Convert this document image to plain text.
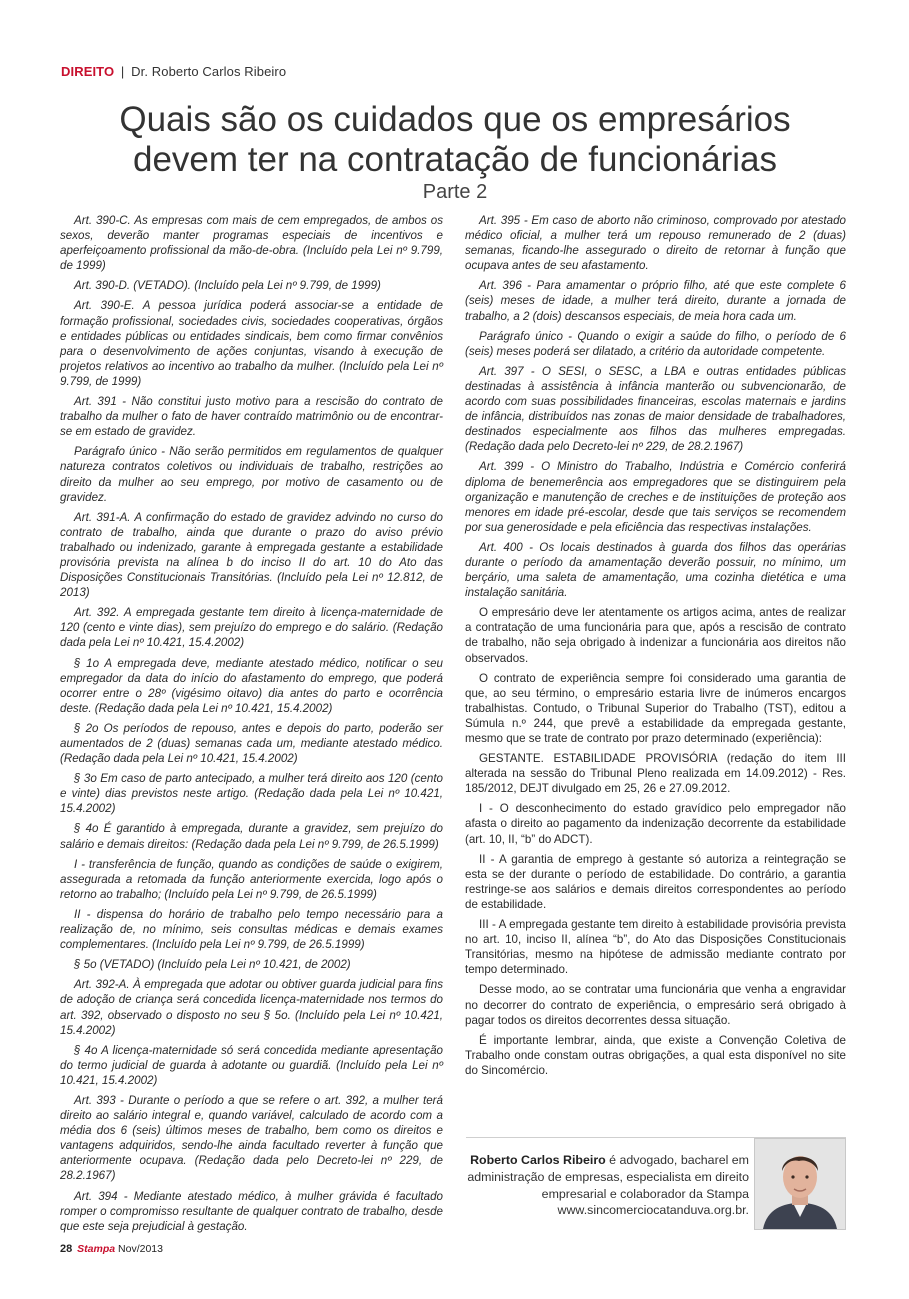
DIREITO | Dr. Roberto Carlos Ribeiro
Quais são os cuidados que os empresários
devem ter na contratação de funcionárias
Parte 2

Art. 390-C. As empresas com mais de cem empregados, de ambos os sexos, deverão manter programas especiais de incentivos e aperfeiçoamento profissional da mão-de-obra. (Incluído pela Lei nº 9.799, de 1999)

Art. 390-D. (VETADO). (Incluído pela Lei nº 9.799, de 1999)

Art. 390-E. A pessoa jurídica poderá associar-se a entidade de formação profissional, sociedades civis, sociedades cooperativas, órgãos e entidades públicas ou entidades sindicais, bem como firmar convênios para o desenvolvimento de ações conjuntas, visando à execução de projetos relativos ao incentivo ao trabalho da mulher. (Incluído pela Lei nº 9.799, de 1999)

Art. 391 - Não constitui justo motivo para a rescisão do contrato de trabalho da mulher o fato de haver contraído matrimônio ou de encontrar-se em estado de gravidez.

Parágrafo único - Não serão permitidos em regulamentos de qualquer natureza contratos coletivos ou individuais de trabalho, restrições ao direito da mulher ao seu emprego, por motivo de casamento ou de gravidez.

Art. 391-A. A confirmação do estado de gravidez advindo no curso do contrato de trabalho, ainda que durante o prazo do aviso prévio trabalhado ou indenizado, garante à empregada gestante a estabilidade provisória prevista na alínea b do inciso II do art. 10 do Ato das Disposições Constitucionais Transitórias. (Incluído pela Lei nº 12.812, de 2013)

Art. 392. A empregada gestante tem direito à licença-maternidade de 120 (cento e vinte dias), sem prejuízo do emprego e do salário. (Redação dada pela Lei nº 10.421, 15.4.2002)

§ 1o A empregada deve, mediante atestado médico, notificar o seu empregador da data do início do afastamento do emprego, que poderá ocorrer entre o 28º (vigésimo oitavo) dia antes do parto e ocorrência deste. (Redação dada pela Lei nº 10.421, 15.4.2002)

§ 2o Os períodos de repouso, antes e depois do parto, poderão ser aumentados de 2 (duas) semanas cada um, mediante atestado médico.(Redação dada pela Lei nº 10.421, 15.4.2002)

§ 3o Em caso de parto antecipado, a mulher terá direito aos 120 (cento e vinte) dias previstos neste artigo. (Redação dada pela Lei nº 10.421, 15.4.2002)

§ 4o É garantido à empregada, durante a gravidez, sem prejuízo do salário e demais direitos: (Redação dada pela Lei nº 9.799, de 26.5.1999)

I - transferência de função, quando as condições de saúde o exigirem, assegurada a retomada da função anteriormente exercida, logo após o retorno ao trabalho; (Incluído pela Lei nº 9.799, de 26.5.1999)

II - dispensa do horário de trabalho pelo tempo necessário para a realização de, no mínimo, seis consultas médicas e demais exames complementares. (Incluído pela Lei nº 9.799, de 26.5.1999)

§ 5o (VETADO) (Incluído pela Lei nº 10.421, de 2002)

Art. 392-A. À empregada que adotar ou obtiver guarda judicial para fins de adoção de criança será concedida licença-maternidade nos termos do art. 392, observado o disposto no seu § 5o. (Incluído pela Lei nº 10.421, 15.4.2002)

§ 4o A licença-maternidade só será concedida mediante apresentação do termo judicial de guarda à adotante ou guardiã. (Incluído pela Lei nº 10.421, 15.4.2002)

Art. 393 - Durante o período a que se refere o art. 392, a mulher terá direito ao salário integral e, quando variável, calculado de acordo com a média dos 6 (seis) últimos meses de trabalho, bem como os direitos e vantagens adquiridos, sendo-lhe ainda facultado reverter à função que anteriormente ocupava. (Redação dada pelo Decreto-lei nº 229, de 28.2.1967)

Art. 394 - Mediante atestado médico, à mulher grávida é facultado romper o compromisso resultante de qualquer contrato de trabalho, desde que este seja prejudicial à gestação.

Art. 395 - Em caso de aborto não criminoso, comprovado por atestado médico oficial, a mulher terá um repouso remunerado de 2 (duas) semanas, ficando-lhe assegurado o direito de retornar à função que ocupava antes de seu afastamento.

Art. 396 - Para amamentar o próprio filho, até que este complete 6 (seis) meses de idade, a mulher terá direito, durante a jornada de trabalho, a 2 (dois) descansos especiais, de meia hora cada um.

Parágrafo único - Quando o exigir a saúde do filho, o período de 6 (seis) meses poderá ser dilatado, a critério da autoridade competente.

Art. 397 - O SESI, o SESC, a LBA e outras entidades públicas destinadas à assistência à infância manterão ou subvencionarão, de acordo com suas possibilidades financeiras, escolas maternais e jardins de infância, distribuídos nas zonas de maior densidade de trabalhadores, destinados especialmente aos filhos das mulheres empregadas. (Redação dada pelo Decreto-lei nº 229, de 28.2.1967)

Art. 399 - O Ministro do Trabalho, Indústria e Comércio conferirá diploma de benemerência aos empregadores que se distinguirem pela organização e manutenção de creches e de instituições de proteção aos menores em idade pré-escolar, desde que tais serviços se recomendem por sua generosidade e pela eficiência das respectivas instalações.

Art. 400 - Os locais destinados à guarda dos filhos das operárias durante o período da amamentação deverão possuir, no mínimo, um berçário, uma saleta de amamentação, uma cozinha dietética e uma instalação sanitária.

O empresário deve ler atentamente os artigos acima, antes de realizar a contratação de uma funcionária para que, após a rescisão de contrato de trabalho, não seja obrigado à indenizar a funcionária aos direitos não observados.

O contrato de experiência sempre foi considerado uma garantia de que, ao seu término, o empresário estaria livre de inúmeros encargos trabalhistas. Contudo, o Tribunal Superior do Trabalho (TST), editou a Súmula n.º 244, que prevê a estabilidade da empregada gestante, mesmo que se trate de contrato por prazo determinado (experiência):

GESTANTE. ESTABILIDADE PROVISÓRIA (redação do item III alterada na sessão do Tribunal Pleno realizada em 14.09.2012) - Res. 185/2012, DEJT divulgado em 25, 26 e 27.09.2012.

I - O desconhecimento do estado gravídico pelo empregador não afasta o direito ao pagamento da indenização decorrente da estabilidade (art. 10, II, “b” do ADCT).

II - A garantia de emprego à gestante só autoriza a reintegração se esta se der durante o período de estabilidade. Do contrário, a garantia restringe-se aos salários e demais direitos correspondentes ao período de estabilidade.

III - A empregada gestante tem direito à estabilidade provisória prevista no art. 10, inciso II, alínea “b”, do Ato das Disposições Constitucionais Transitórias, mesmo na hipótese de admissão mediante contrato por tempo determinado.

Desse modo, ao se contratar uma funcionária que venha a engravidar no decorrer do contrato de experiência, o empresário será obrigado à pagar todos os direitos decorrentes dessa situação.

É importante lembrar, ainda, que existe a Convenção Coletiva de Trabalho onde constam outras obrigações, a qual esta disponível no site do Sincomércio.

Roberto Carlos Ribeiro é advogado, bacharel em administração de empresas, especialista em direito empresarial e colaborador da Stampa
www.sincomerciocatanduva.org.br.
28 Stampa Nov/2013
